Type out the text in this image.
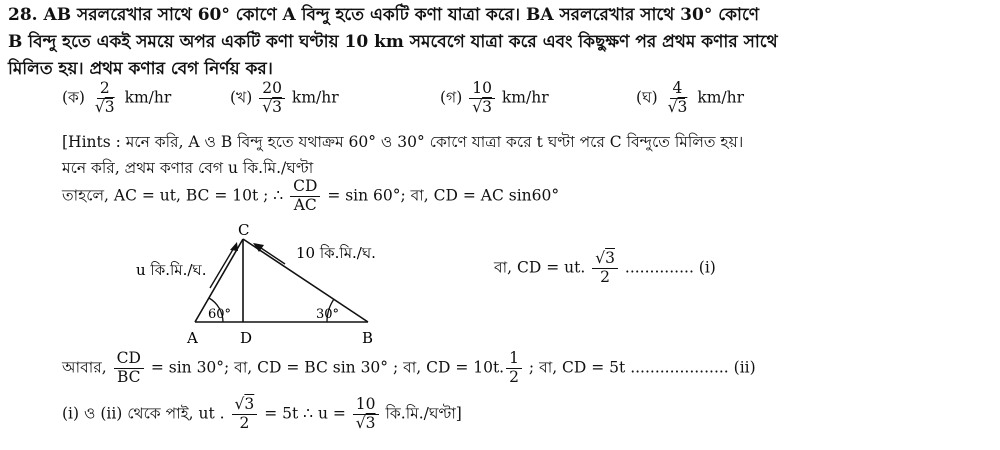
28. AB সরলরেখার সাথে 60° কোণে A বিন্দু হতে একটি কণা যাত্রা করে। BA সরলরেখার সাথে 30° কোণে
B বিন্দু হতে একই সময়ে অপর একটি কণা ঘণ্টায় 10 km সমবেগে যাত্রা করে এবং কিছুক্ষণ পর প্রথম কণার সাথে
মিলিত হয়। প্রথম কণার বেগ নির্ণয় কর।
(ক) 2
√ 3 km/hr	(খ) 20
√ 3 km/hr	(গ) 10
√ 3 km/hr	(ঘ) 4
√ 3 km/hr
[Hints : মনে করি, A ও B বিন্দু হতে যথাক্রম 60° ও 30° কোণে যাত্রা করে t ঘণ্টা পরে C বিন্দুতে মিলিত হয়।
মনে করি, প্রথম কণার বেগ u কি.মি./ঘণ্টা
তাহলে, AC = ut, BC = 10t ; ∴ $\frac{CD}{AC} = \sin 60^\circ$; বা, CD = AC sin60°
C
A	D	B
60°	30°
u কি.মি./ঘ.
10 কি.মি./ঘ.
বা, CD = ut. √ $\frac{3}{2}$ .............. (i)
আবার, $\frac{CD}{BC} = \sin 30^\circ$; বা, CD = BC sin 30° ; বা, CD = 10t. $\frac{1}{2}$ ; বা, CD = 5t .................... (ii)
(i) ও (ii) থেকে পাই, ut . √ $\frac{3}{2} = 5t$ ∴ u = 10
√ 3 কি.মি./ঘণ্টা]
